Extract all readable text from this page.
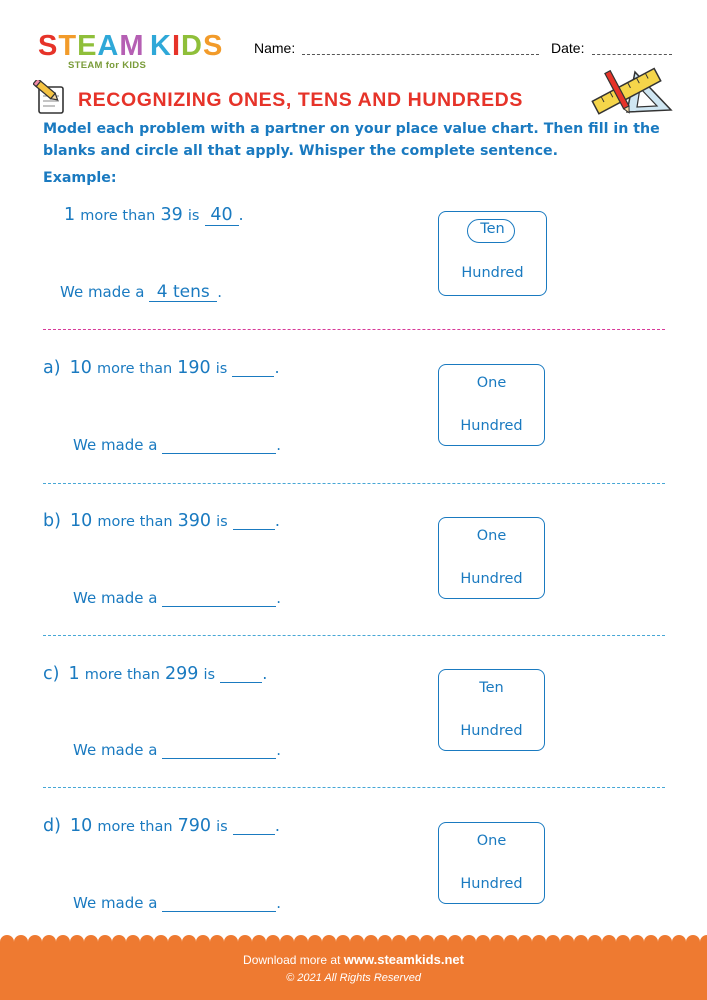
STEAM KIDS
STEAM for KIDS
Name:	Date:
RECOGNIZING ONES, TENS AND HUNDREDS
Model each problem with a partner on your place value chart. Then fill in the blanks and circle all that apply. Whisper the complete sentence.
Example:
1 more than 39 is 40 .
We made a 4 tens .
Ten
Hundred
a) 10 more than 190 is	.
We made a	.
One
Hundred
b) 10 more than 390 is	.
We made a	.
One
Hundred
c) 1 more than 299 is	.
We made a	.
Ten
Hundred
d) 10 more than 790 is	.
We made a	.
One
Hundred
Download more at www.steamkids.net
© 2021 All Rights Reserved
